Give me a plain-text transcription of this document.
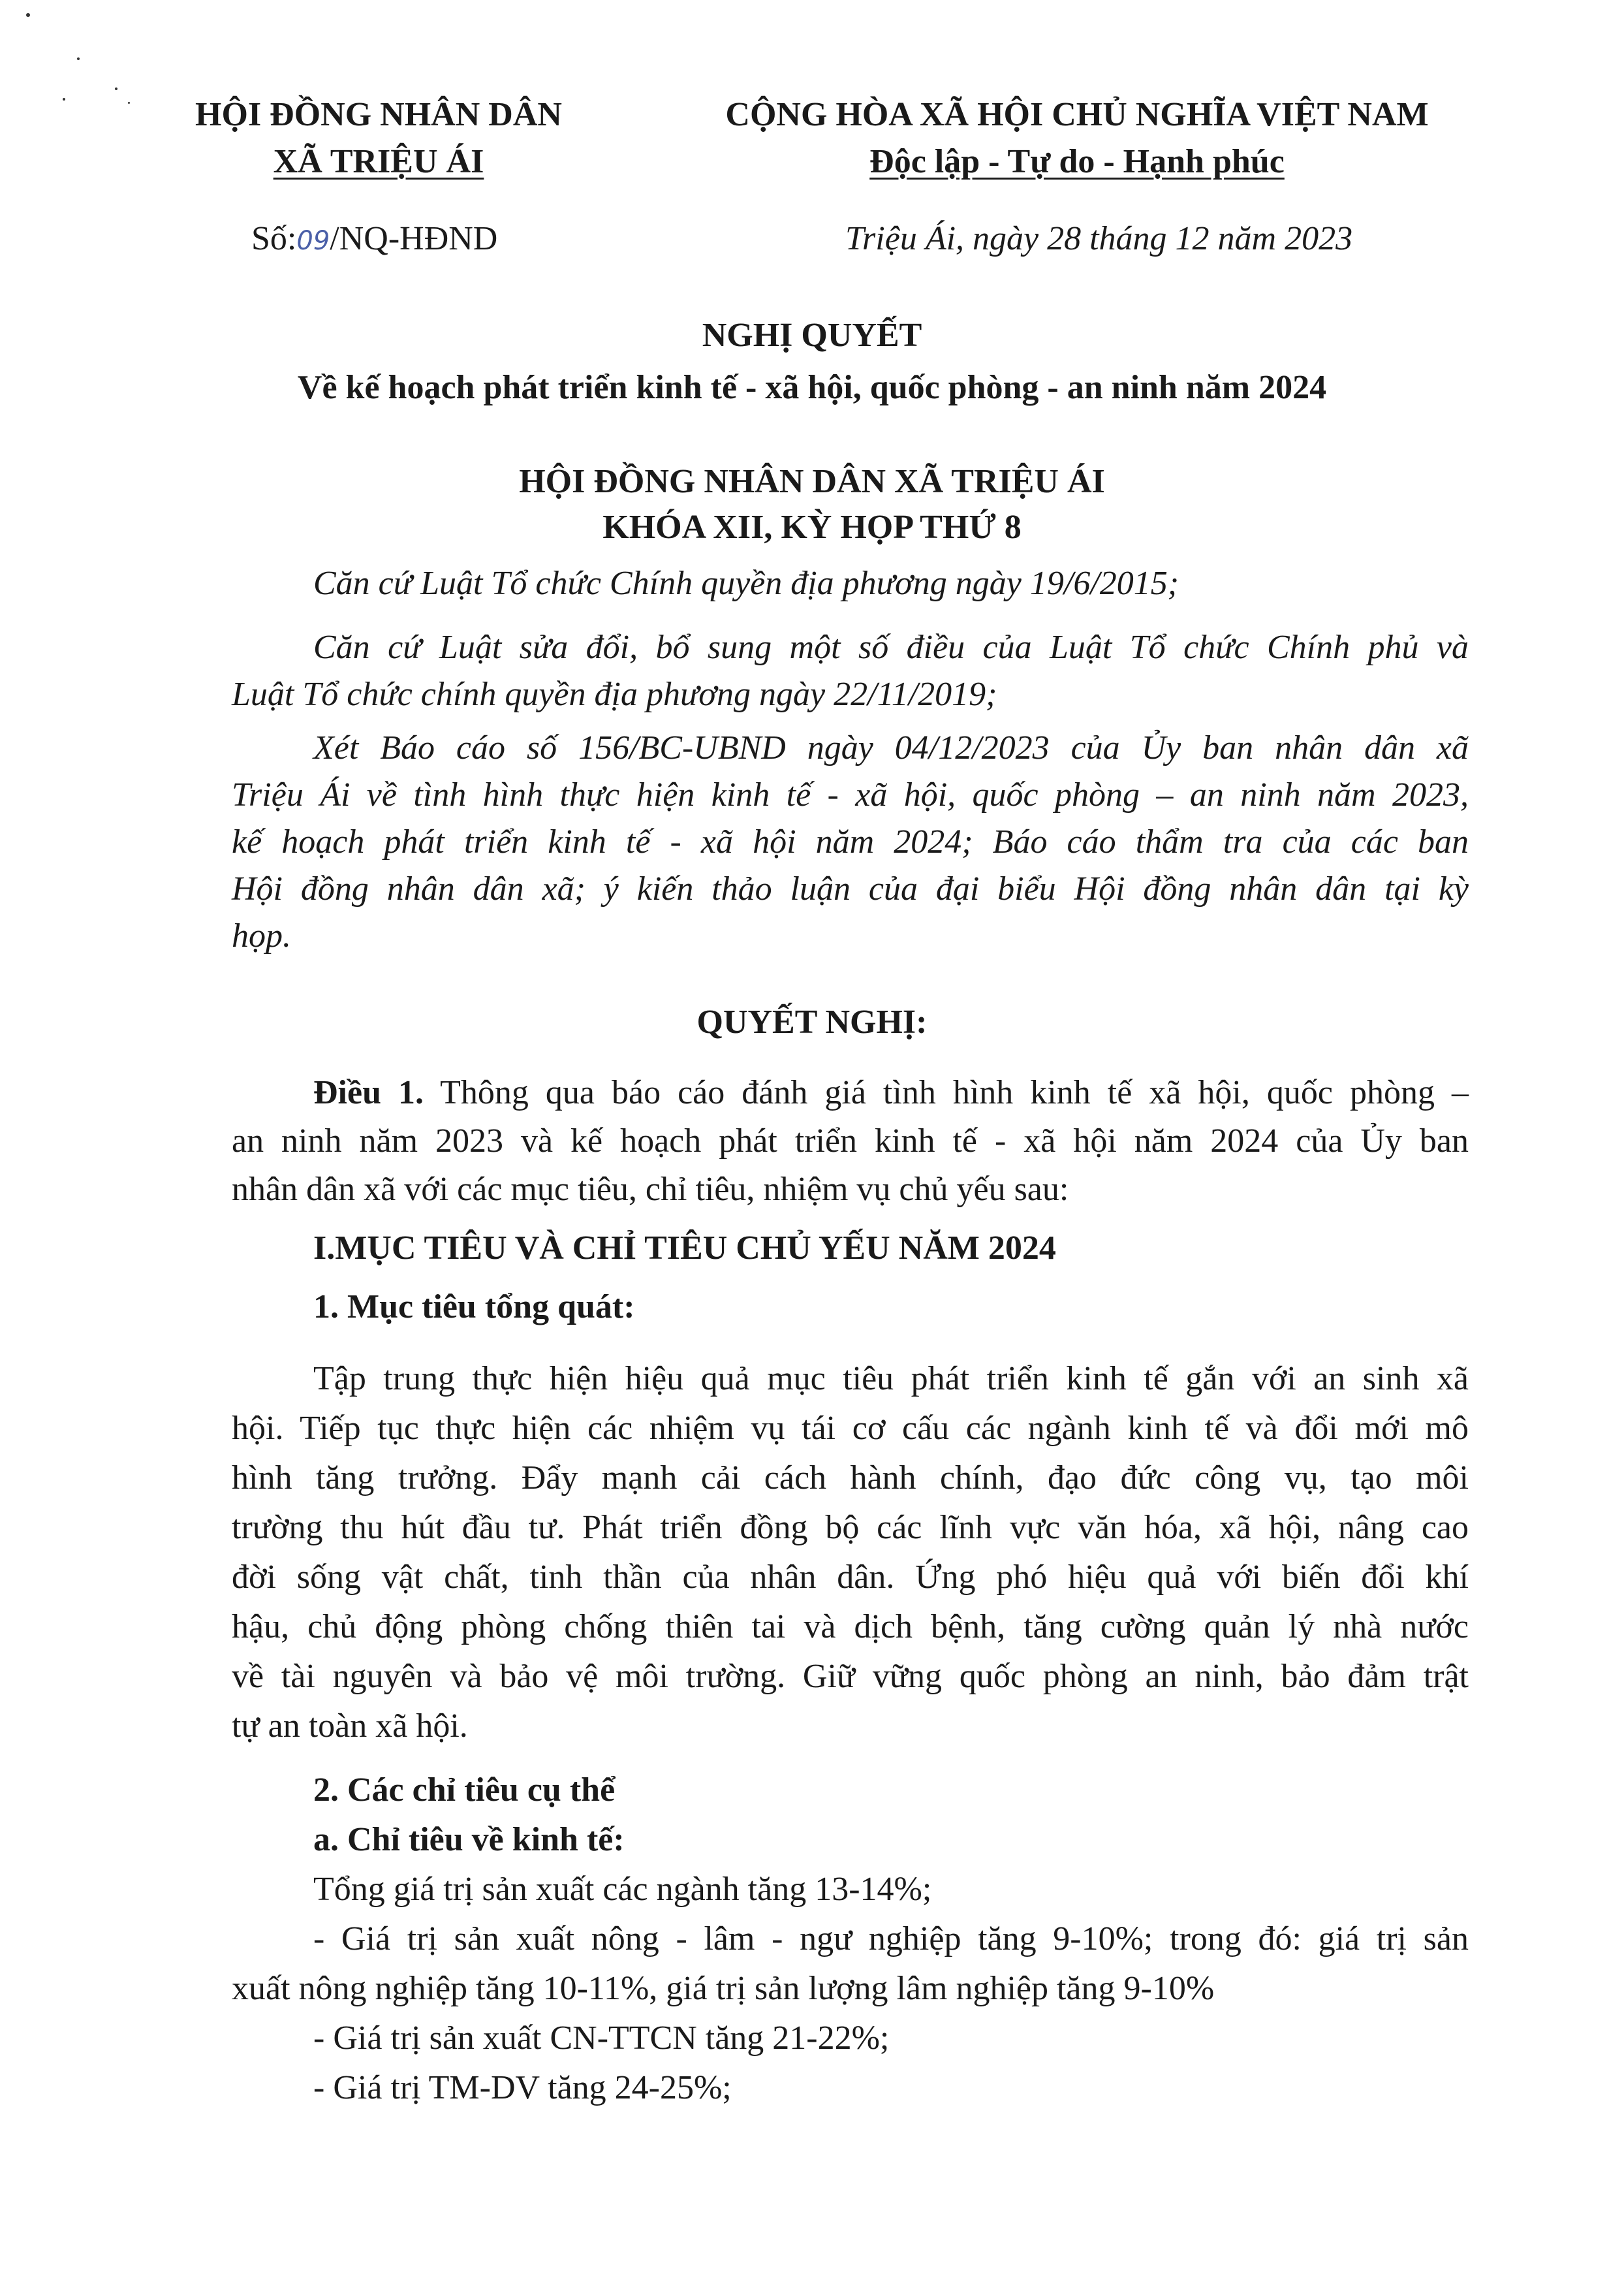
HỘI ĐỒNG NHÂN DÂN
XÃ TRIỆU ÁI
CỘNG HÒA XÃ HỘI CHỦ NGHĨA VIỆT NAM
Độc lập - Tự do - Hạnh phúc
Số:09/NQ-HĐND	Triệu Ái, ngày 28 tháng 12 năm 2023
NGHỊ QUYẾT
Về kế hoạch phát triển kinh tế - xã hội, quốc phòng - an ninh năm 2024
HỘI ĐỒNG NHÂN DÂN XÃ TRIỆU ÁI
KHÓA XII, KỲ HỌP THỨ 8
Căn cứ Luật Tổ chức Chính quyền địa phương ngày 19/6/2015;
Căn cứ Luật sửa đổi, bổ sung một số điều của Luật Tổ chức Chính phủ và
Luật Tổ chức chính quyền địa phương ngày 22/11/2019;
Xét Báo cáo số 156/BC-UBND ngày 04/12/2023 của Ủy ban nhân dân xã
Triệu Ái về tình hình thực hiện kinh tế - xã hội, quốc phòng – an ninh năm 2023,
kế hoạch phát triển kinh tế - xã hội năm 2024; Báo cáo thẩm tra của các ban
Hội đồng nhân dân xã; ý kiến thảo luận của đại biểu Hội đồng nhân dân tại kỳ
họp.
QUYẾT NGHỊ:
Điều 1. Thông qua báo cáo đánh giá tình hình kinh tế xã hội, quốc phòng –
an ninh năm 2023 và kế hoạch phát triển kinh tế - xã hội năm 2024 của Ủy ban
nhân dân xã với các mục tiêu, chỉ tiêu, nhiệm vụ chủ yếu sau:
I.MỤC TIÊU VÀ CHỈ TIÊU CHỦ YẾU NĂM 2024
1. Mục tiêu tổng quát:
Tập trung thực hiện hiệu quả mục tiêu phát triển kinh tế gắn với an sinh xã
hội. Tiếp tục thực hiện các nhiệm vụ tái cơ cấu các ngành kinh tế và đổi mới mô
hình tăng trưởng. Đẩy mạnh cải cách hành chính, đạo đức công vụ, tạo môi
trường thu hút đầu tư. Phát triển đồng bộ các lĩnh vực văn hóa, xã hội, nâng cao
đời sống vật chất, tinh thần của nhân dân. Ứng phó hiệu quả với biến đổi khí
hậu, chủ động phòng chống thiên tai và dịch bệnh, tăng cường quản lý nhà nước
về tài nguyên và bảo vệ môi trường. Giữ vững quốc phòng an ninh, bảo đảm trật
tự an toàn xã hội.
2. Các chỉ tiêu cụ thể
a. Chỉ tiêu về kinh tế:
Tổng giá trị sản xuất các ngành tăng 13-14%;
- Giá trị sản xuất nông - lâm - ngư nghiệp tăng 9-10%; trong đó: giá trị sản
xuất nông nghiệp tăng 10-11%, giá trị sản lượng lâm nghiệp tăng 9-10%
- Giá trị sản xuất CN-TTCN tăng 21-22%;
- Giá trị TM-DV tăng 24-25%;
